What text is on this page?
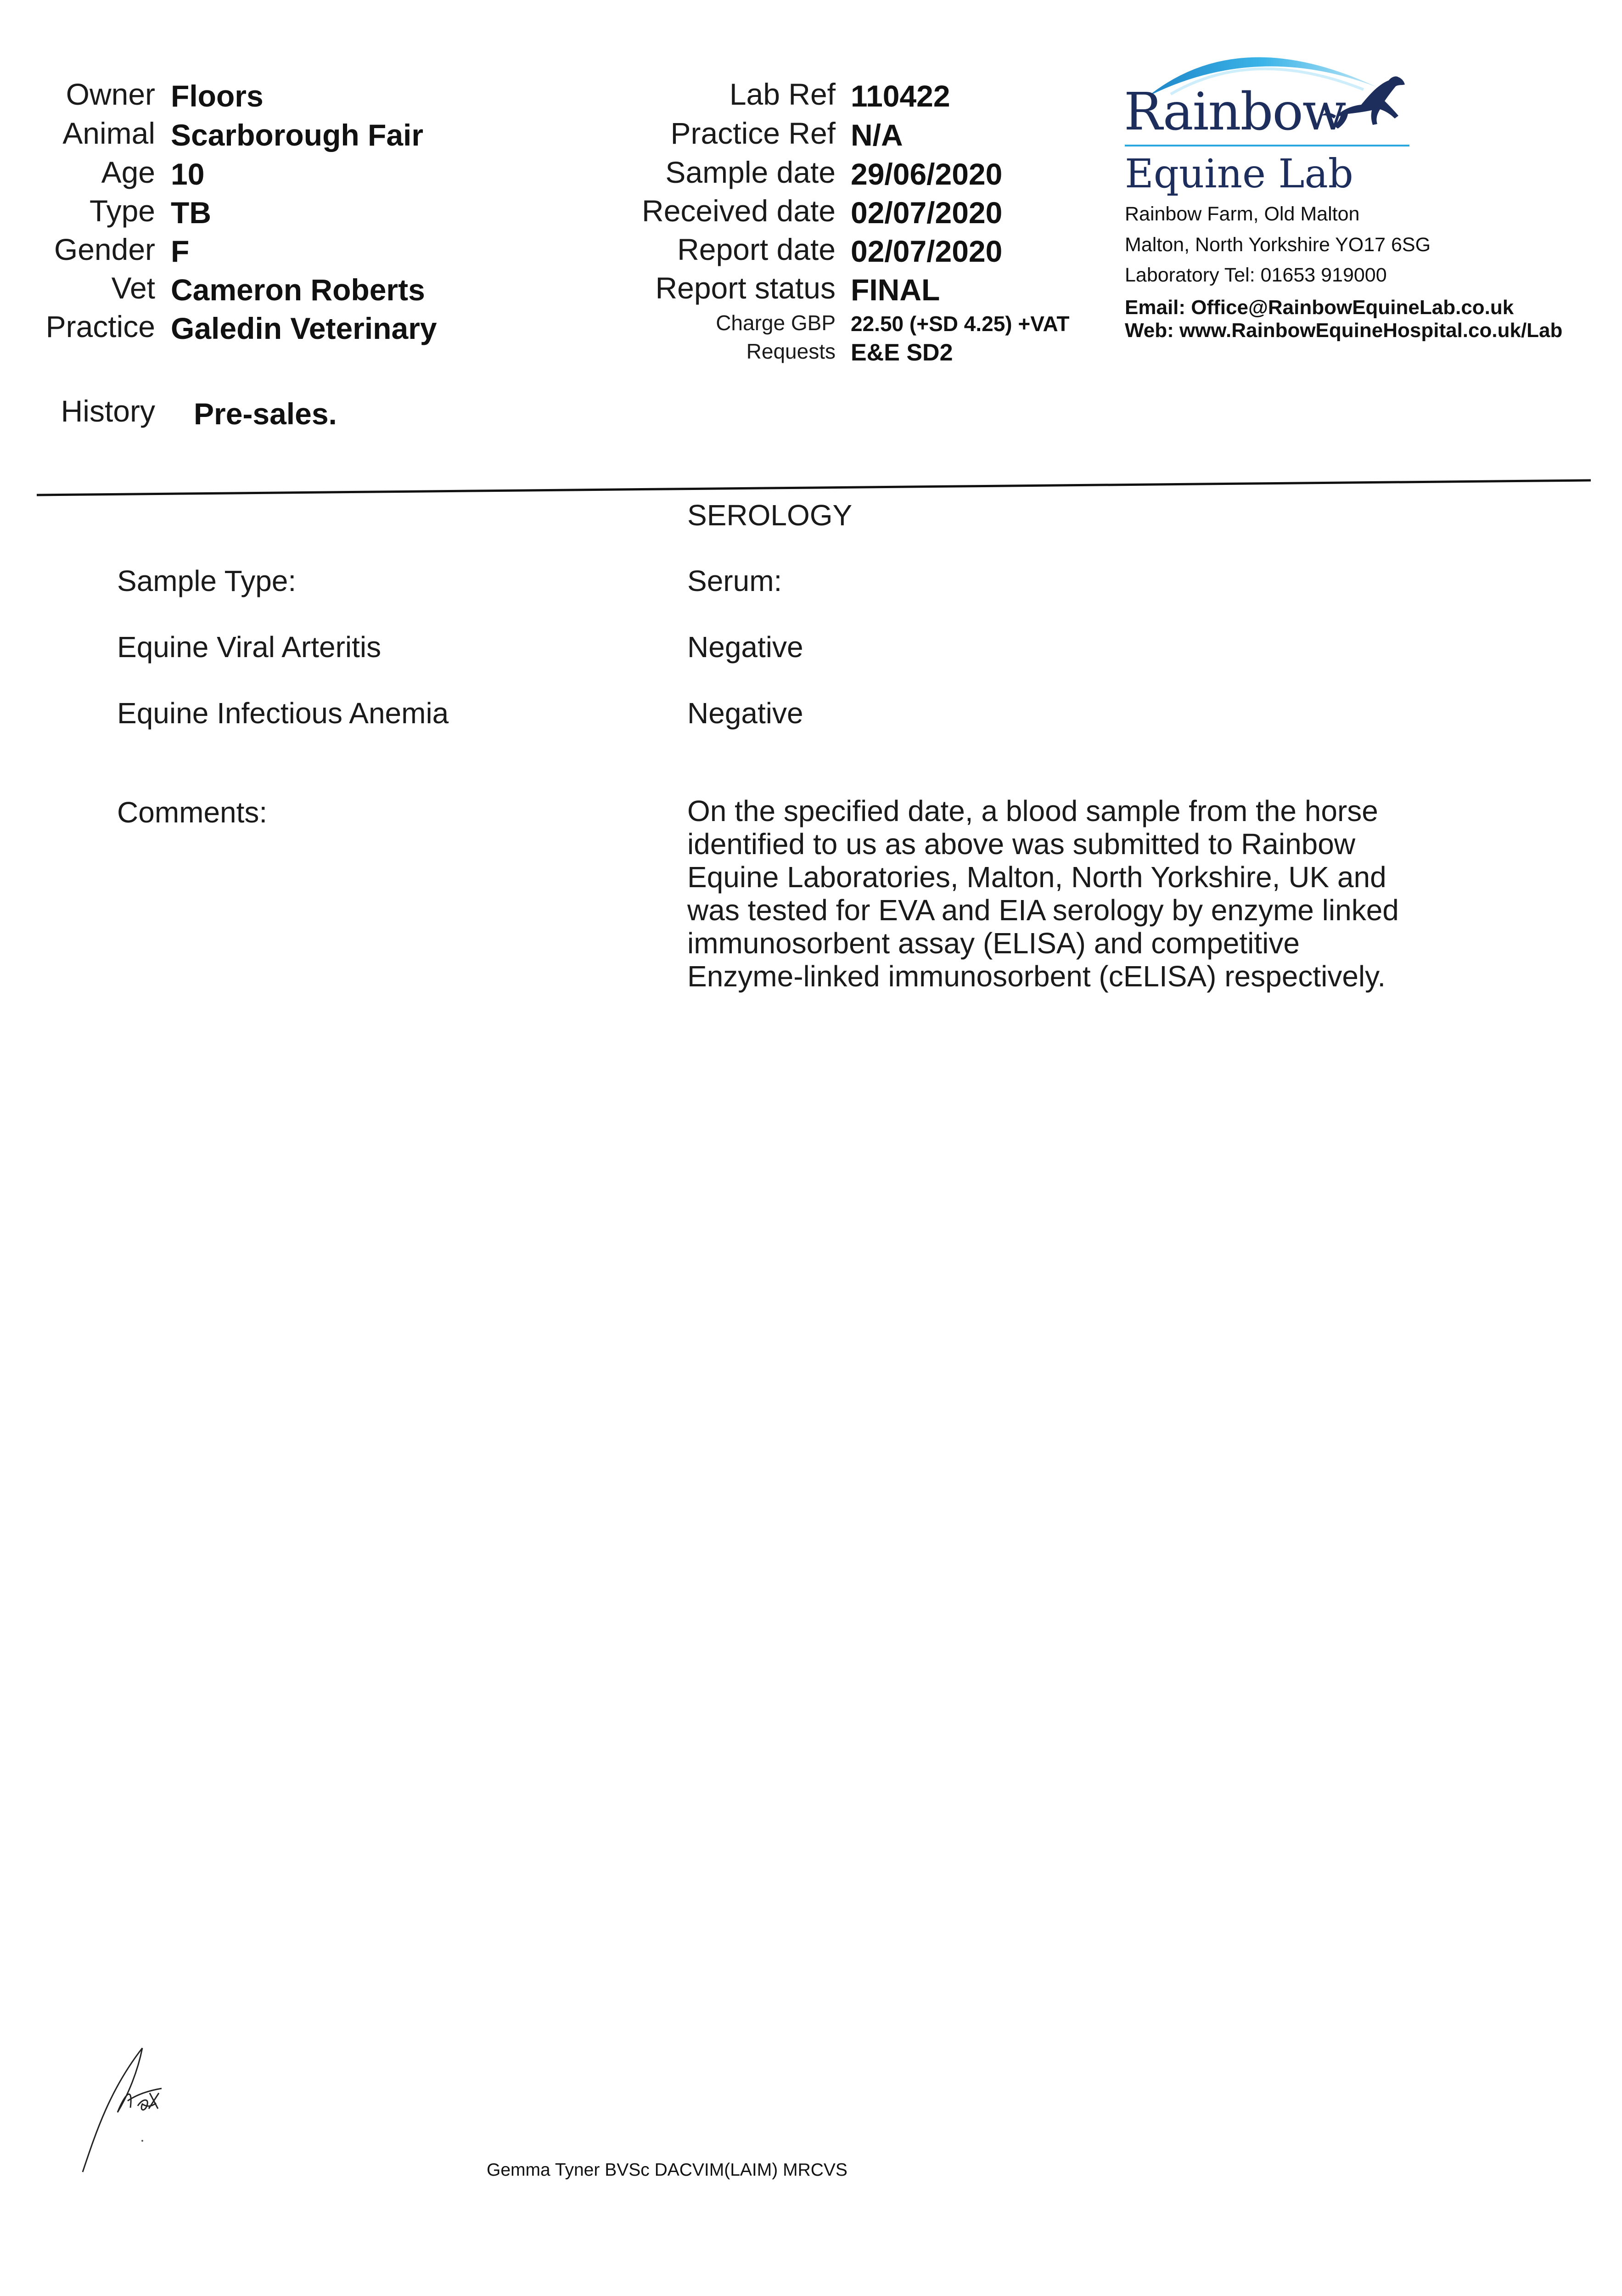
Owner Floors
Animal Scarborough Fair
Age 10
Type TB
Gender F
Vet Cameron Roberts
Practice Galedin Veterinary
History Pre-sales.
Lab Ref 110422
Practice Ref N/A
Sample date 29/06/2020
Received date 02/07/2020
Report date 02/07/2020
Report status FINAL
Charge GBP 22.50 (+SD 4.25) +VAT
Requests E&E SD2
Rainbow
Equine Lab
Rainbow Farm, Old Malton
Malton, North Yorkshire YO17 6SG
Laboratory Tel: 01653 919000
Email: Office@RainbowEquineLab.co.uk
Web: www.RainbowEquineHospital.co.uk/Lab
SEROLOGY
Sample Type:	Serum:
Equine Viral Arteritis	Negative
Equine Infectious Anemia	Negative
Comments:	On the specified date, a blood sample from the horse
identified to us as above was submitted to Rainbow
Equine Laboratories, Malton, North Yorkshire, UK and
was tested for EVA and EIA serology by enzyme linked
immunosorbent assay (ELISA) and competitive
Enzyme-linked immunosorbent (cELISA) respectively.
Gemma Tyner BVSc DACVIM(LAIM) MRCVS
